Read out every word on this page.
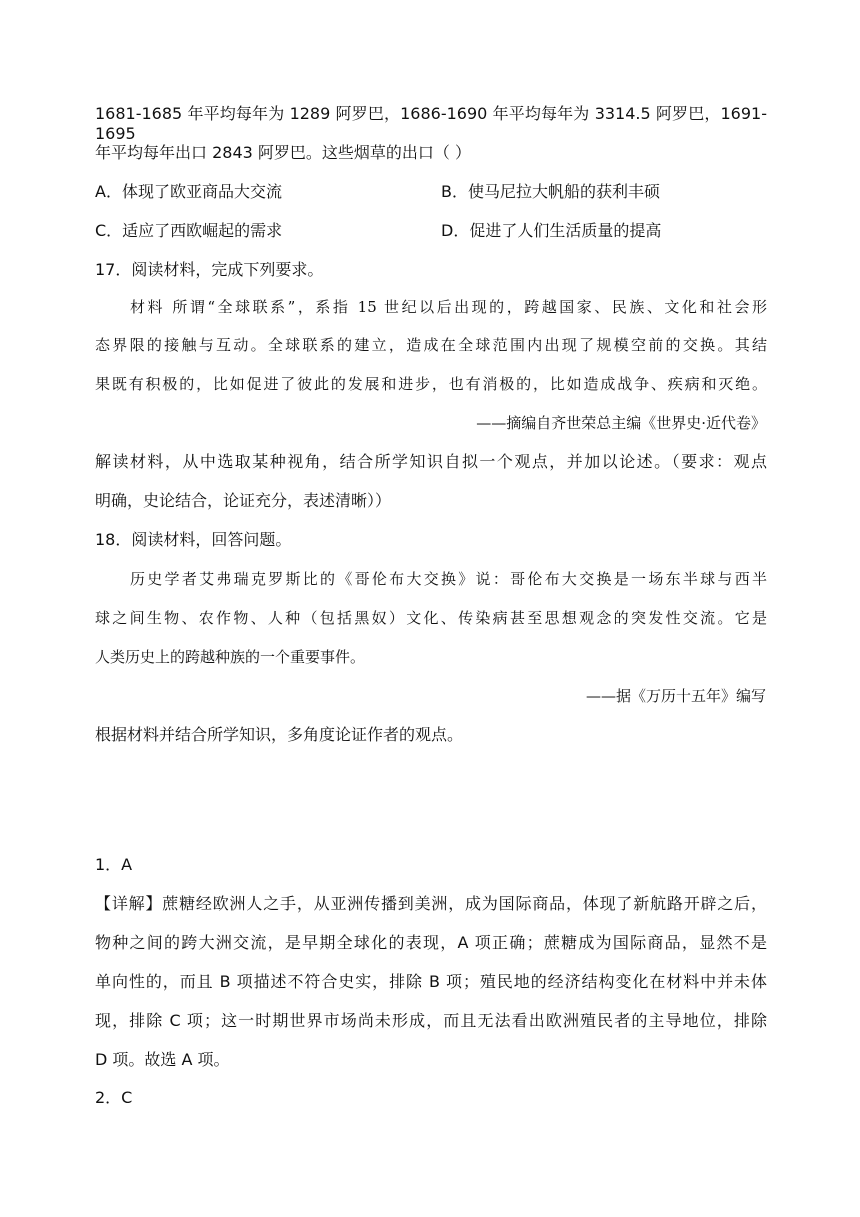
1681-1685 年平均每年为 1289 阿罗巴，1686-1690 年平均每年为 3314.5 阿罗巴，1691-1695
年平均每年出口 2843 阿罗巴。这些烟草的出口（ ）
A．体现了欧亚商品大交流	B．使马尼拉大帆船的获利丰硕
C．适应了西欧崛起的需求	D．促进了人们生活质量的提高
17．阅读材料，完成下列要求。
材料 所谓“全球联系”，系指 15 世纪以后出现的，跨越国家、民族、文化和社会形
态界限的接触与互动。全球联系的建立，造成在全球范围内出现了规模空前的交换。其结
果既有积极的，比如促进了彼此的发展和进步，也有消极的，比如造成战争、疾病和灭绝。
——摘编自齐世荣总主编《世界史·近代卷》
解读材料，从中选取某种视角，结合所学知识自拟一个观点，并加以论述。（要求：观点
明确，史论结合，论证充分，表述清晰））
18．阅读材料，回答问题。
历史学者艾弗瑞克罗斯比的《哥伦布大交换》说：哥伦布大交换是一场东半球与西半
球之间生物、农作物、人种（包括黑奴）文化、传染病甚至思想观念的突发性交流。它是
人类历史上的跨越种族的一个重要事件。
——据《万历十五年》编写
根据材料并结合所学知识，多角度论证作者的观点。
1．A
【详解】蔗糖经欧洲人之手，从亚洲传播到美洲，成为国际商品，体现了新航路开辟之后，
物种之间的跨大洲交流，是早期全球化的表现，A 项正确；蔗糖成为国际商品，显然不是
单向性的，而且 B 项描述不符合史实，排除 B 项；殖民地的经济结构变化在材料中并未体
现，排除 C 项；这一时期世界市场尚未形成，而且无法看出欧洲殖民者的主导地位，排除
D 项。故选 A 项。
2．C
